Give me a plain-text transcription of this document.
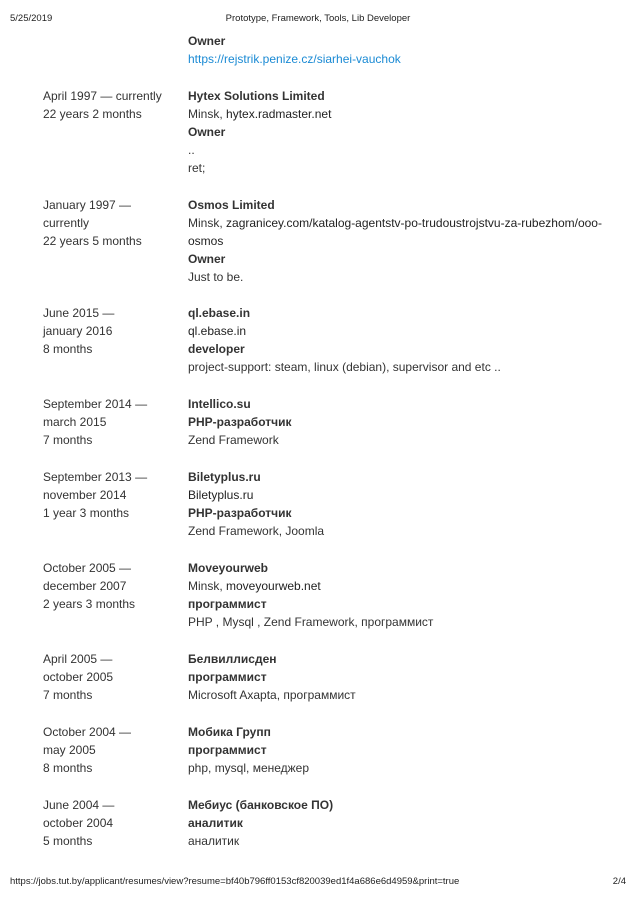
5/25/2019	Prototype, Framework, Tools, Lib Developer
Owner
https://rejstrik.penize.cz/siarhei-vauchok
April 1997 — currently
22 years 2 months
Hytex Solutions Limited
Minsk, hytex.radmaster.net
Owner
..
ret;
January 1997 —
currently
22 years 5 months
Osmos Limited
Minsk, zagranicey.com/katalog-agentstv-po-trudoustrojstvu-za-rubezhom/ooo-osmos
Owner
Just to be.
June 2015 —
january 2016
8 months
ql.ebase.in
ql.ebase.in
developer
project-support: steam, linux (debian), supervisor and etc ..
September 2014 —
march 2015
7 months
Intellico.su
PHP-разработчик
Zend Framework
September 2013 —
november 2014
1 year 3 months
Biletyplus.ru
Biletyplus.ru
PHP-разработчик
Zend Framework, Joomla
October 2005 —
december 2007
2 years 3 months
Moveyourweb
Minsk, moveyourweb.net
программист
PHP , Mysql , Zend Framework, программист
April 2005 —
october 2005
7 months
Белвиллисден
программист
Microsoft Axapta, программист
October 2004 —
may 2005
8 months
Мобика Групп
программист
php, mysql, менеджер
June 2004 —
october 2004
5 months
Мебиус (банковское ПО)
аналитик
аналитик
https://jobs.tut.by/applicant/resumes/view?resume=bf40b796ff0153cf820039ed1f4a686e6d4959&print=true	2/4
